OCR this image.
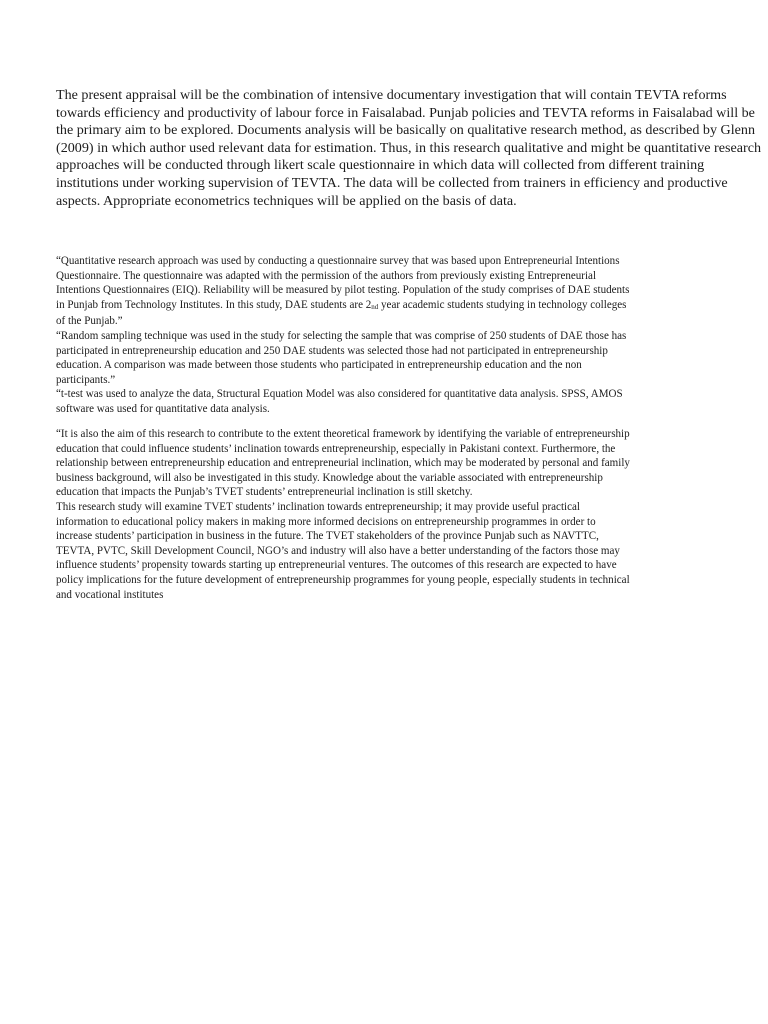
The present appraisal will be the combination of intensive documentary investigation that will contain TEVTA reforms towards efficiency and productivity of labour force in Faisalabad. Punjab policies and TEVTA reforms in Faisalabad will be the primary aim to be explored. Documents analysis will be basically on qualitative research method, as described by Glenn (2009) in which author used relevant data for estimation. Thus, in this research qualitative and might be quantitative research approaches will be conducted through likert scale questionnaire in which data will collected from different training institutions under working supervision of TEVTA. The data will be collected from trainers in efficiency and productive aspects. Appropriate econometrics techniques will be applied on the basis of data.

“Quantitative research approach was used by conducting a questionnaire survey that was based upon Entrepreneurial Intentions Questionnaire. The questionnaire was adapted with the permission of the authors from previously existing Entrepreneurial Intentions Questionnaires (EIQ). Reliability will be measured by pilot testing. Population of the study comprises of DAE students in Punjab from Technology Institutes. In this study, DAE students are 2nd year academic students studying in technology colleges of the Punjab.”

“Random sampling technique was used in the study for selecting the sample that was comprise of 250 students of DAE those has participated in entrepreneurship education and 250 DAE students was selected those had not participated in entrepreneurship education. A comparison was made between those students who participated in entrepreneurship education and the non participants.”

“t-test was used to analyze the data, Structural Equation Model was also considered for quantitative data analysis. SPSS, AMOS software was used for quantitative data analysis.

“It is also the aim of this research to contribute to the extent theoretical framework by identifying the variable of entrepreneurship education that could influence students’ inclination towards entrepreneurship, especially in Pakistani context. Furthermore, the relationship between entrepreneurship education and entrepreneurial inclination, which may be moderated by personal and family business background, will also be investigated in this study. Knowledge about the variable associated with entrepreneurship education that impacts the Punjab’s TVET students’ entrepreneurial inclination is still sketchy.

This research study will examine TVET students’ inclination towards entrepreneurship; it may provide useful practical information to educational policy makers in making more informed decisions on entrepreneurship programmes in order to increase students’ participation in business in the future. The TVET stakeholders of the province Punjab such as NAVTTC, TEVTA, PVTC, Skill Development Council, NGO’s and industry will also have a better understanding of the factors those may influence students’ propensity towards starting up entrepreneurial ventures. The outcomes of this research are expected to have policy implications for the future development of entrepreneurship programmes for young people, especially students in technical and vocational institutes
